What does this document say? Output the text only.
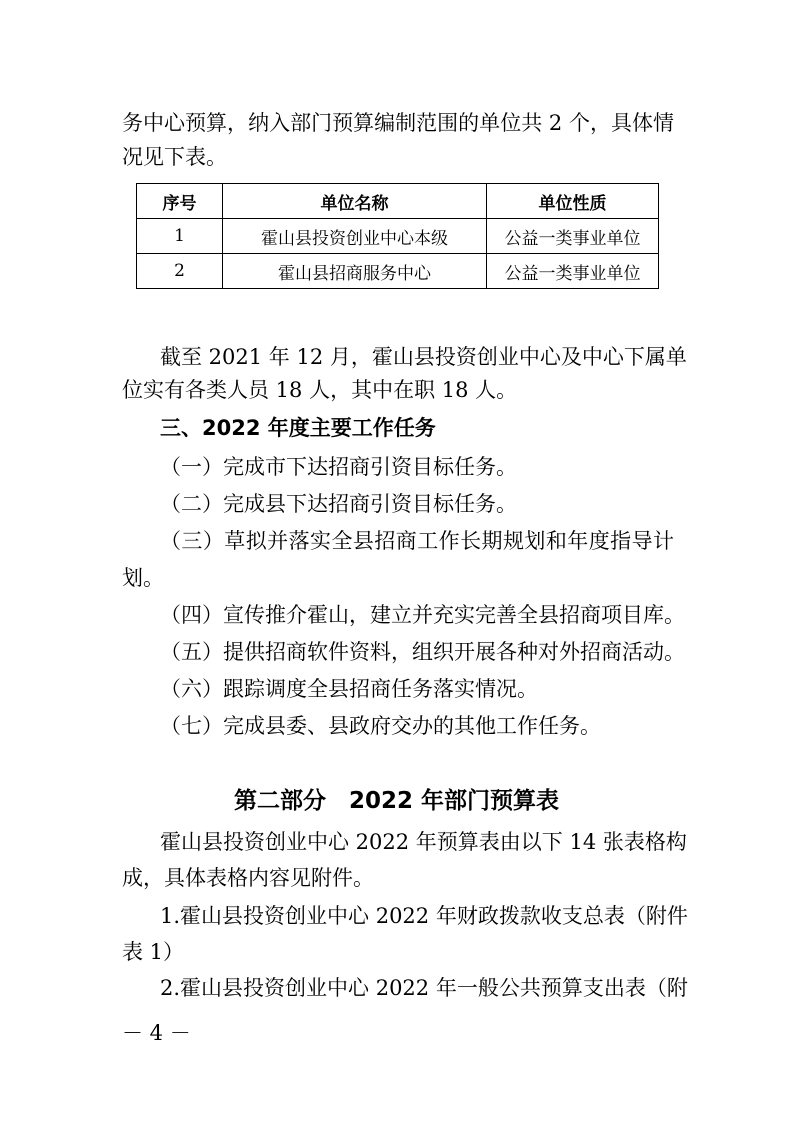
务中心预算，纳入部门预算编制范围的单位共 2 个，具体情
况见下表。
序号	单位名称	单位性质
1	霍山县投资创业中心本级	公益一类事业单位
2	霍山县招商服务中心	公益一类事业单位
截至 2021 年 12 月，霍山县投资创业中心及中心下属单
位实有各类人员 18 人，其中在职 18 人。
三、2022 年度主要工作任务
（一）完成市下达招商引资目标任务。
（二）完成县下达招商引资目标任务。
（三）草拟并落实全县招商工作长期规划和年度指导计
划。
（四）宣传推介霍山，建立并充实完善全县招商项目库。
（五）提供招商软件资料，组织开展各种对外招商活动。
（六）跟踪调度全县招商任务落实情况。
（七）完成县委、县政府交办的其他工作任务。
第二部分　2022 年部门预算表
霍山县投资创业中心 2022 年预算表由以下 14 张表格构
成，具体表格内容见附件。
1.霍山县投资创业中心 2022 年财政拨款收支总表（附件
表 1）
2.霍山县投资创业中心 2022 年一般公共预算支出表（附
－ 4 －
